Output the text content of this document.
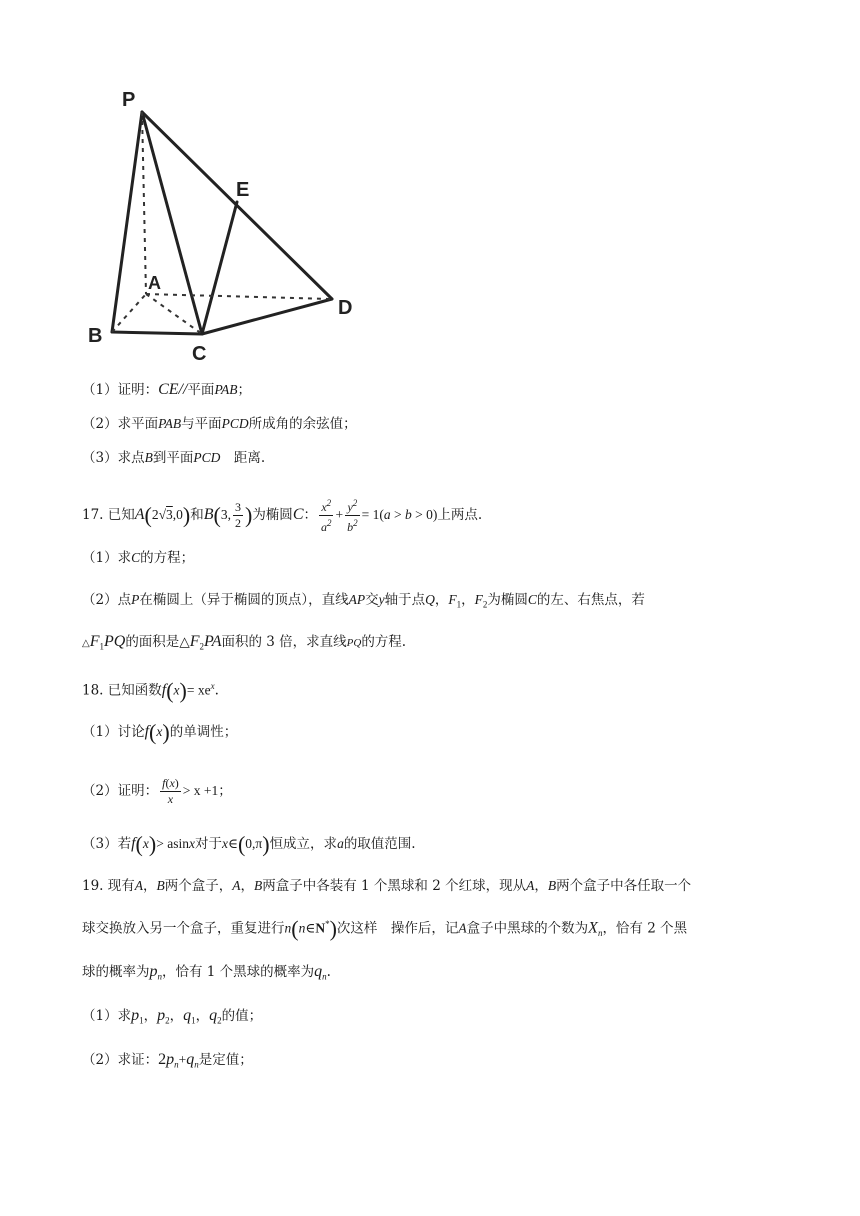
P
E
A
B
C
D
（1）证明：CE//平面PAB；
（2）求平面PAB与平面PCD所成角的余弦值；
（3）求点B到平面PCD　距离.
17. 已知A(2√3,0)和B(3, $\frac{3}{2}$ )为椭圆C： $\frac{x^2}{a^2} + \frac{y^2}{b^2} = 1(a > b > 0)$上两点.
（1）求C的方程；
（2）点P在椭圆上（异于椭圆的顶点），直线AP交y轴于点Q，$F_1$，$F_2$为椭圆C的左、右焦点，若
$\triangle F_1PQ$的面积是$\triangle F_2PA$面积的 3 倍，求直线PQ的方程.
18. 已知函数$f(x)= xe^x$.
（1）讨论f(x)的单调性；
（2）证明： $\frac{f(x)}{x} > x +1$；
（3）若f(x)> asinx对于x∈(0,π)恒成立，求a的取值范围.
19. 现有A，B两个盒子，A，B两盒子中各装有 1 个黑球和 2 个红球，现从A，B两个盒子中各任取一个
球交换放入另一个盒子，重复进行n(n∈N*)次这样　操作后，记A盒子中黑球的个数为$X_n$，恰有 2 个黑
球的概率为$p_n$，恰有 1 个黑球的概率为$q_n$.
（1）求$p_1$，$p_2$，$q_1$，$q_2$的值；
（2）求证：$2p_n+q_n$是定值；
